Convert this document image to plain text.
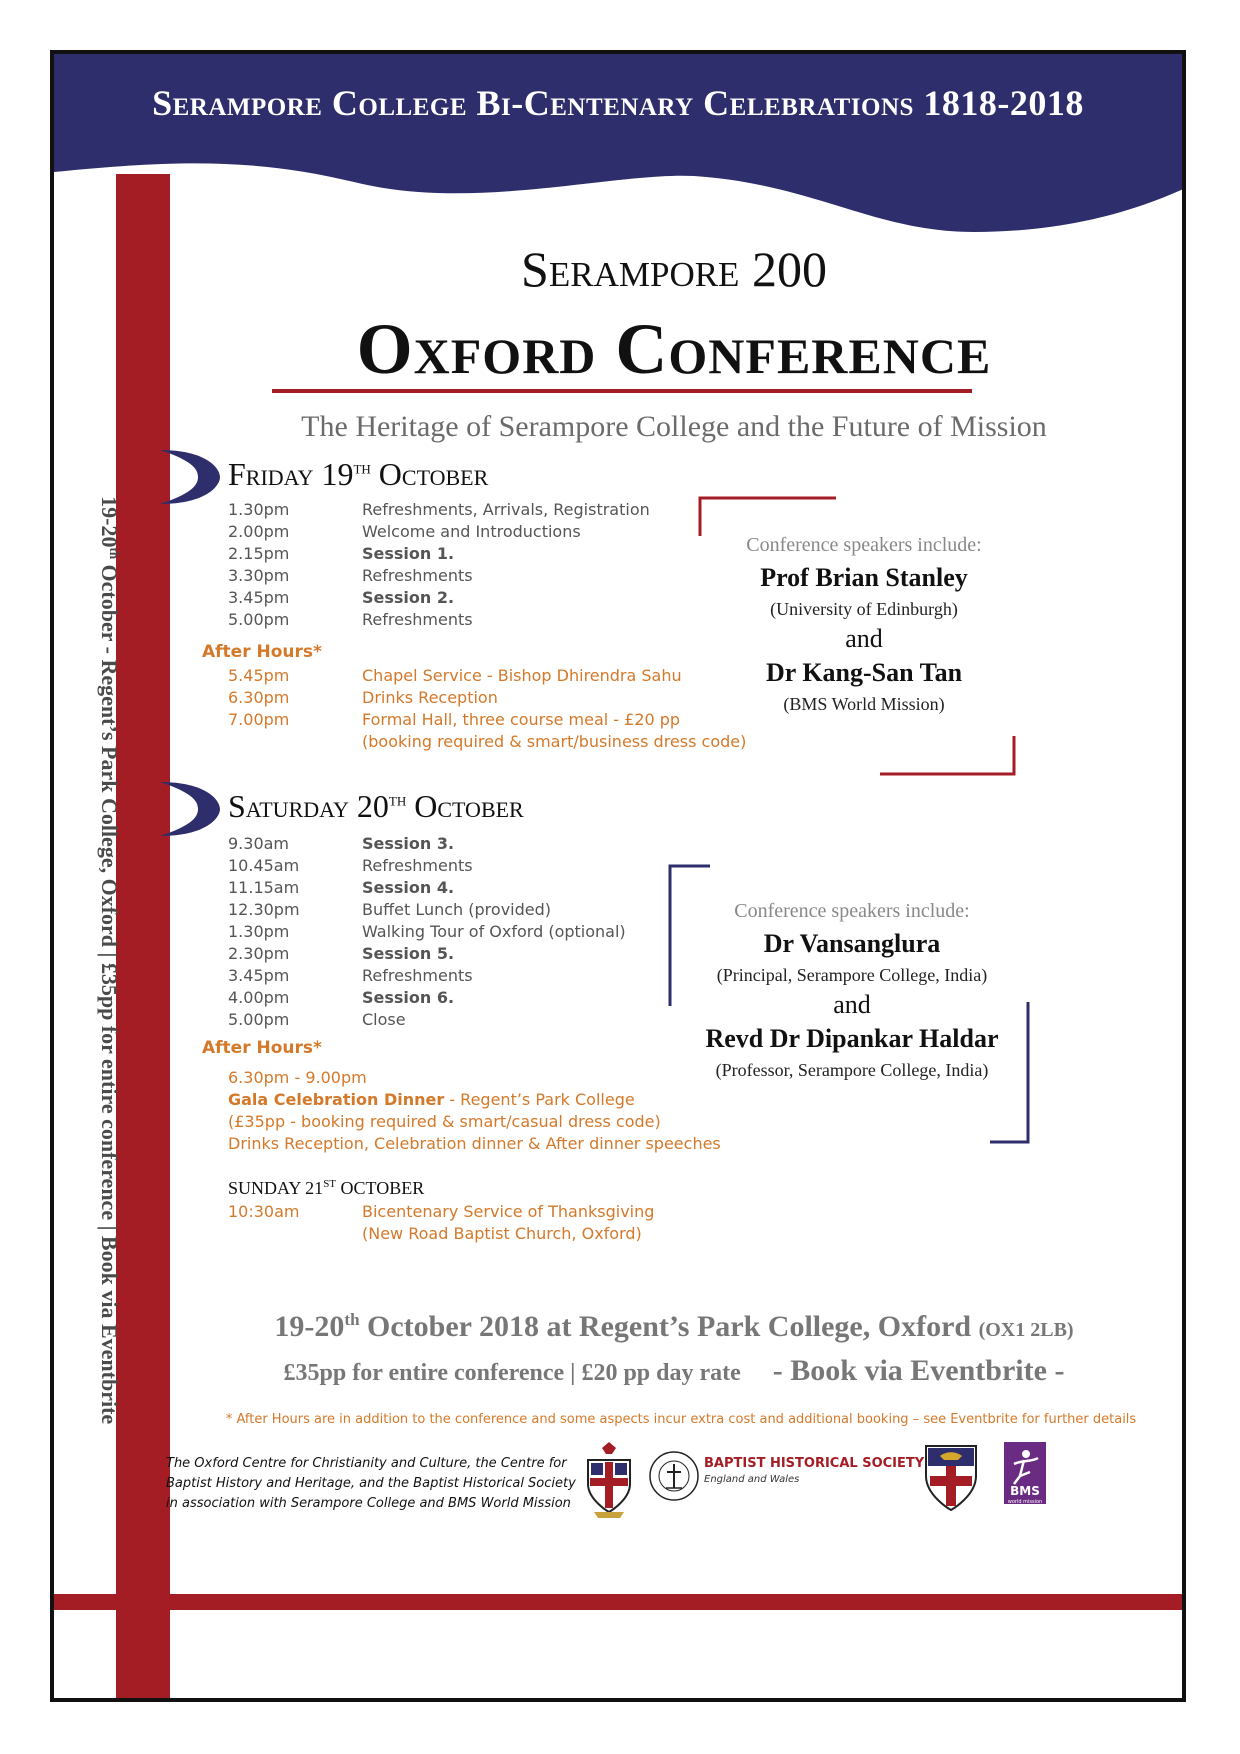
Serampore College Bi-Centenary Celebrations 1818-2018
19-20th October - Regent’s Park College, Oxford | £35pp for entire conference | Book via Eventbrite
Serampore 200
Oxford Conference
The Heritage of Serampore College and the Future of Mission
Friday 19th October
1.30pm	Refreshments, Arrivals, Registration
2.00pm	Welcome and Introductions
2.15pm	Session 1.
3.30pm	Refreshments
3.45pm	Session 2.
5.00pm	Refreshments
After Hours*
5.45pm	Chapel Service - Bishop Dhirendra Sahu
6.30pm	Drinks Reception
7.00pm	Formal Hall, three course meal - £20 pp
(booking required & smart/business dress code)
Conference speakers include:
Prof Brian Stanley
(University of Edinburgh)
and
Dr Kang-San Tan
(BMS World Mission)
Saturday 20th October
9.30am	Session 3.
10.45am	Refreshments
11.15am	Session 4.
12.30pm	Buffet Lunch (provided)
1.30pm	Walking Tour of Oxford (optional)
2.30pm	Session 5.
3.45pm	Refreshments
4.00pm	Session 6.
5.00pm	Close
After Hours*
6.30pm - 9.00pm
Gala Celebration Dinner - Regent’s Park College
(£35pp - booking required & smart/casual dress code)
Drinks Reception, Celebration dinner & After dinner speeches
SUNDAY 21ST OCTOBER
10:30am	Bicentenary Service of Thanksgiving
(New Road Baptist Church, Oxford)
Conference speakers include:
Dr Vansanglura
(Principal, Serampore College, India)
and
Revd Dr Dipankar Haldar
(Professor, Serampore College, India)
19-20th October 2018 at Regent’s Park College, Oxford (OX1 2LB)
£35pp for entire conference | £20 pp day rate - Book via Eventbrite -
* After Hours are in addition to the conference and some aspects incur extra cost and additional booking – see Eventbrite for further details
The Oxford Centre for Christianity and Culture, the Centre for Baptist History and Heritage, and the Baptist Historical Society in association with Serampore College and BMS World Mission
BAPTIST HISTORICAL SOCIETY
England and Wales
BMS
world mission
